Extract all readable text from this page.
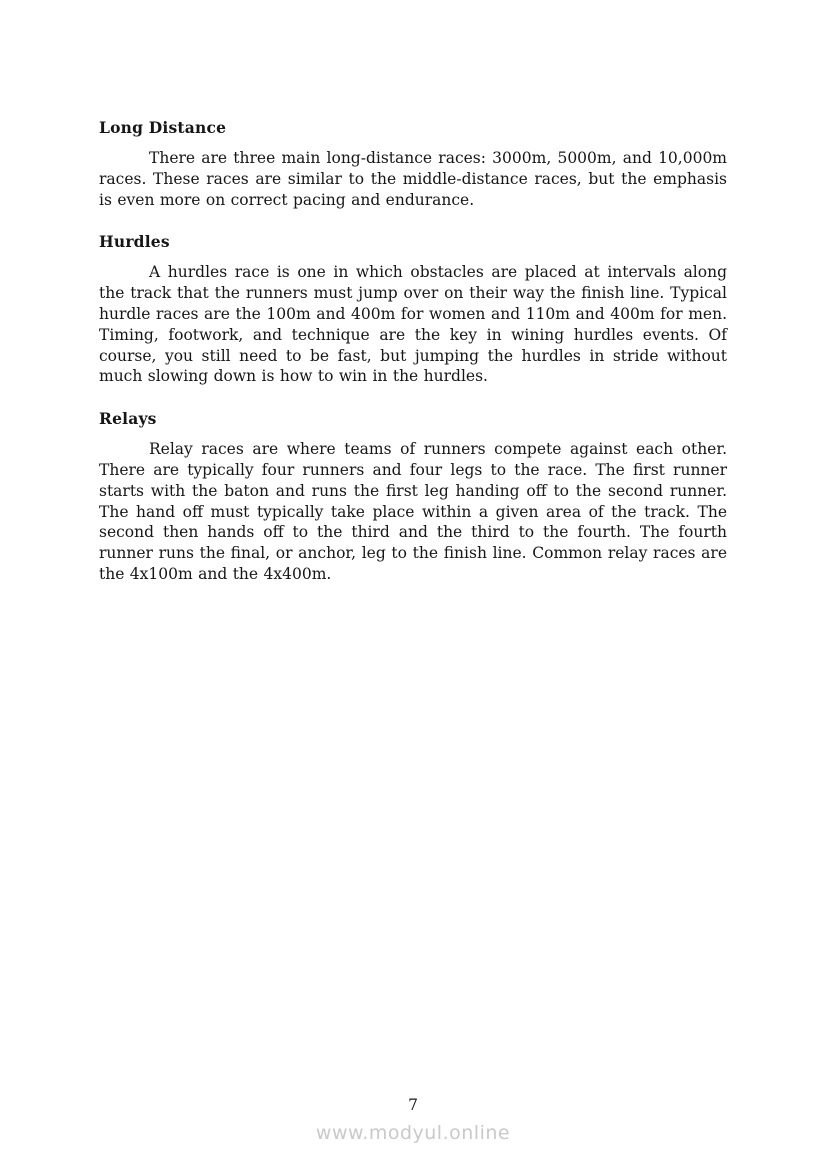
Long Distance

There are three main long-distance races: 3000m, 5000m, and 10,000m races. These races are similar to the middle-distance races, but the emphasis is even more on correct pacing and endurance.

Hurdles

A hurdles race is one in which obstacles are placed at intervals along the track that the runners must jump over on their way the finish line. Typical hurdle races are the 100m and 400m for women and 110m and 400m for men. Timing, footwork, and technique are the key in wining hurdles events. Of course, you still need to be fast, but jumping the hurdles in stride without much slowing down is how to win in the hurdles.

Relays

Relay races are where teams of runners compete against each other. There are typically four runners and four legs to the race. The first runner starts with the baton and runs the first leg handing off to the second runner. The hand off must typically take place within a given area of the track. The second then hands off to the third and the third to the fourth. The fourth runner runs the final, or anchor, leg to the finish line. Common relay races are the 4x100m and the 4x400m.

7
www.modyul.online
